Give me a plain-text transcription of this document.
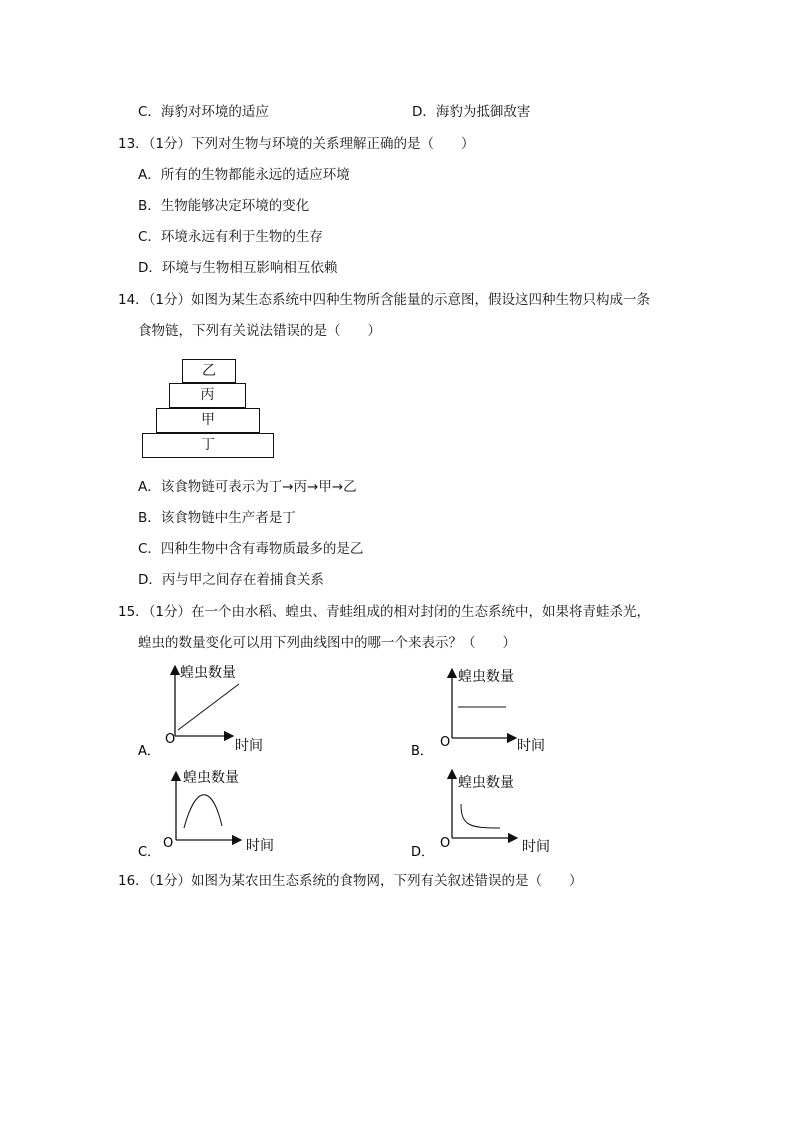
C．海豹对环境的适应	D．海豹为抵御敌害
13．（1分）下列对生物与环境的关系理解正确的是（　　）
A．所有的生物都能永远的适应环境
B．生物能够决定环境的变化
C．环境永远有利于生物的生存
D．环境与生物相互影响相互依赖
14．（1分）如图为某生态系统中四种生物所含能量的示意图，假设这四种生物只构成一条
食物链，下列有关说法错误的是（　　）
乙
丙
甲
丁
A．该食物链可表示为丁→丙→甲→乙
B．该食物链中生产者是丁
C．四种生物中含有毒物质最多的是乙
D．丙与甲之间存在着捕食关系
15．（1分）在一个由水稻、蝗虫、青蛙组成的相对封闭的生态系统中，如果将青蛙杀光，
蝗虫的数量变化可以用下列曲线图中的哪一个来表示？（　　）
蝗虫数量
时间
O
A．
蝗虫数量
时间
O
B．
蝗虫数量
时间
O
C．
蝗虫数量
时间
O
D．
16．（1分）如图为某农田生态系统的食物网，下列有关叙述错误的是（　　）
